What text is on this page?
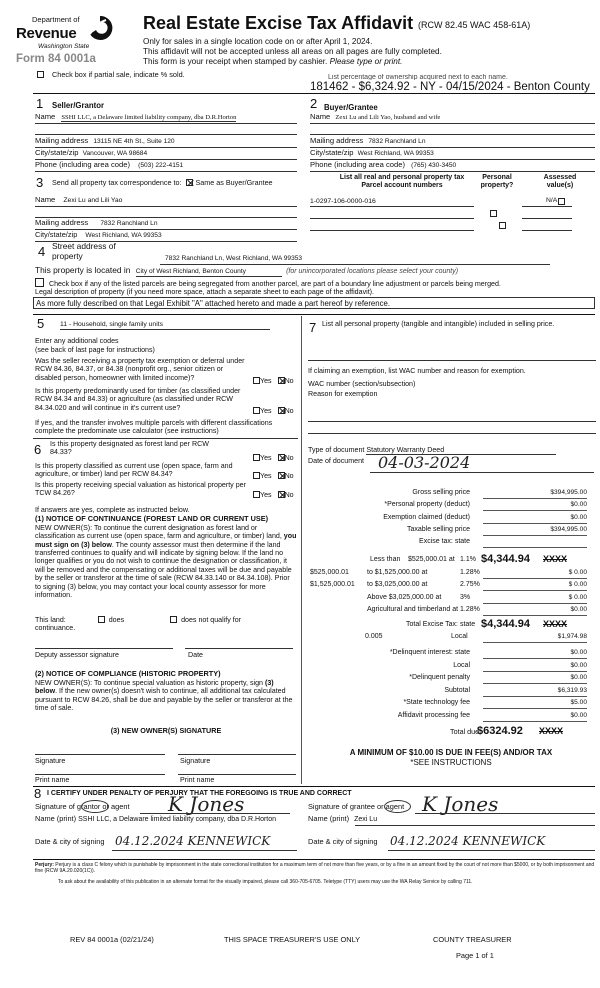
Department of
Revenue
Washington State
Form 84 0001a
Real Estate Excise Tax Affidavit (RCW 82.45 WAC 458-61A)
Only for sales in a single location code on or after April 1, 2024.
This affidavit will not be accepted unless all areas on all pages are fully completed.
This form is your receipt when stamped by cashier. Please type or print.
Check box if partial sale, indicate % sold.	List percentage of ownership acquired next to each name.
181462 - $6,324.92 - NY - 04/15/2024 - Benton County
1 Seller/Grantor
Name SSHI LLC, a Delaware limited liability company, dba D.R.Horton
Mailing address 13115 NE 4th St., Suite 120
City/state/zip Vancouver, WA 98684
Phone (including area code) (503) 222-4151
2 Buyer/Grantee
Name Zexi Lu and Lili Yao, husband and wife
Mailing address 7832 Ranchland Ln
City/state/zip West Richland, WA 99353
Phone (including area code) (765) 430-3450
3 Send all property tax correspondence to: Same as Buyer/Grantee
Name Zexi Lu and Lili Yao
Mailing address 7832 Ranchland Ln
City/state/zip West Richland, WA 99353
List all real and personal property tax
Parcel account numbers
Personal
property?
Assessed
value(s)
1-0297-106-0000-016	N/A

4 Street address of
property	7832 Ranchland Ln, West Richland, WA 99353
This property is located in City of West Richland, Benton County	(for unincorporated locations please select your county)
Check box if any of the listed parcels are being segregated from another parcel, are part of a boundary line adjustment or parcels being merged.
Legal description of property (if you need more space, attach a separate sheet to each page of the affidavit).
As more fully described on that Legal Exhibit "A" attached hereto and made a part hereof by reference.
5 11 - Household, single family units
Enter any additional codes
(see back of last page for instructions)
Was the seller receiving a property tax exemption or deferral under RCW 84.36, 84.37, or 84.38 (nonprofit org., senior citizen or disabled person, homeowner with limited income)?	Yes No
Is this property predominantly used for timber (as classified under RCW 84.34 and 84.33) or agriculture (as classified under RCW 84.34.020 and will continue in it's current use?	Yes No
If yes, and the transfer involves multiple parcels with different classifications complete the predominate use calculator (see instructions)
6 Is this property designated as forest land per RCW 84.33?
Yes No
Is this property classified as current use (open space, farm and agriculture, or timber) land per RCW 84.34?	Yes No
Is this property receiving special valuation as historical property per TCW 84.26?	Yes No
If answers are yes, complete as instructed below.
(1) NOTICE OF CONTINUANCE (FOREST LAND OR CURRENT USE)
NEW OWNER(S): To continue the current designation as forest land or classification as current use (open space, farm and agriculture, or timber) land, you must sign on (3) below. The county assessor must then determine if the land transferred continues to qualify and will indicate by signing below. If the land no longer qualifies or you do not wish to continue the designation or classification, it will be removed and the compensating or additional taxes will be due and payable by the seller or transferor at the time of sale (RCW 84.33.140 or 84.34.108). Prior to signing (3) below, you may contact your local county assessor for more information.
This land:	does	does not qualify for
continuance.
Deputy assessor signature	Date
(2) NOTICE OF COMPLIANCE (HISTORIC PROPERTY)
NEW OWNER(S): To continue special valuation as historic property, sign (3) below. If the new owner(s) doesn't wish to continue, all additional tax calculated pursuant to RCW 84.26, shall be due and payable by the seller or transferor at the time of sale.
(3) NEW OWNER(S) SIGNATURE
Signature	Signature
Print name	Print name
7 List all personal property (tangible and intangible) included in selling price.
If claiming an exemption, list WAC number and reason for exemption.
WAC number (section/subsection)
Reason for exemption
Type of document Statutory Warranty Deed
Date of document 04-03-2024
Gross selling price	$394,995.00
*Personal property (deduct)	$0.00
Exemption claimed (deduct)	$0.00
Taxable selling price	$394,995.00
Excise tax: state
Less than $525,000.01 at 1.1% $4,344.94 XXXX
$525,000.01	to $1,525,000.00 at	1.28%	$ 0.00
$1,525,000.01 to $3,025,000.00 at	2.75%	$ 0.00
Above $3,025,000.00 at	3%	$ 0.00
Agricultural and timberland at 1.28%	$0.00
Total Excise Tax: state $4,344.94 XXXX
0.005	Local	$1,974.98
*Delinquent interest: state	$0.00
Local	$0.00
*Delinquent penalty	$0.00
Subtotal	$6,319.93
*State technology fee	$5.00
Affidavit processing fee	$0.00
Total due
$6324.92 XXXX
A MINIMUM OF $10.00 IS DUE IN FEE(S) AND/OR TAX
*SEE INSTRUCTIONS
8 I CERTIFY UNDER PENALTY OF PERJURY THAT THE FOREGOING IS TRUE AND CORRECT
Signature of grantor or agent K Jones
Name (print) SSHI LLC, a Delaware limited liability company, dba D.R.Horton
Date & city of signing 04.12.2024 KENNEWICK
Signature of grantee or agent K Jones
Name (print) Zexi Lu
Date & city of signing 04.12.2024 KENNEWICK
Perjury: Perjury is a class C felony which is punishable by imprisonment in the state correctional institution for a maximum term of not more than five years, or by a fine in an amount fixed by the court of not more than $5000, or by both imprisonment and fine (RCW 9A.20.020(1C)).
To ask about the availability of this publication in an alternate format for the visually impaired, please call 360-705-6705. Teletype (TTY) users may use the WA Relay Service by calling 711.
REV 84 0001a (02/21/24)	THIS SPACE TREASURER'S USE ONLY	COUNTY TREASURER
Page 1 of 1
